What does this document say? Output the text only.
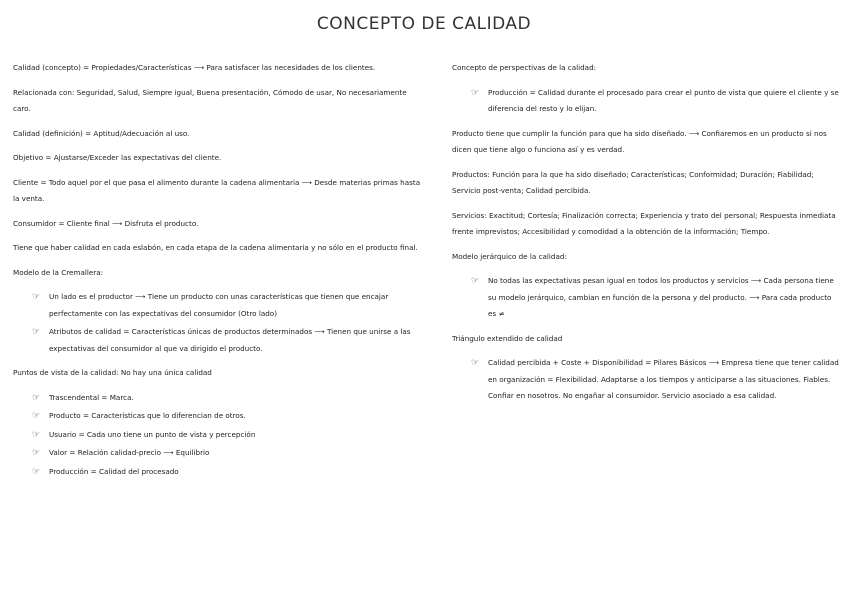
CONCEPTO DE CALIDAD

Calidad (concepto) = Propiedades/Características ⟶ Para satisfacer las necesidades de los clientes.

Relacionada con: Seguridad, Salud, Siempre igual, Buena presentación, Cómodo de usar, No necesariamente caro.

Calidad (definición) = Aptitud/Adecuación al uso.

Objetivo = Ajustarse/Exceder las expectativas del cliente.

Cliente = Todo aquel por el que pasa el alimento durante la cadena alimentaria ⟶ Desde materias primas hasta la venta.

Consumidor = Cliente final ⟶ Disfruta el producto.

Tiene que haber calidad en cada eslabón, en cada etapa de la cadena alimentaria y no sólo en el producto final.

Modelo de la Cremallera:

☞ Un lado es el productor ⟶ Tiene un producto con unas características que tienen que encajar perfectamente con las expectativas del consumidor (Otro lado)
☞ Atributos de calidad = Características únicas de productos determinados ⟶ Tienen que unirse a las expectativas del consumidor al que va dirigido el producto.

Puntos de vista de la calidad: No hay una única calidad

☞ Trascendental = Marca.
☞ Producto = Características que lo diferencian de otros.
☞ Usuario = Cada uno tiene un punto de vista y percepción
☞ Valor = Relación calidad-precio ⟶ Equilibrio
☞ Producción = Calidad del procesado

Concepto de perspectivas de la calidad:

☞ Producción = Calidad durante el procesado para crear el punto de vista que quiere el cliente y se diferencia del resto y lo elijan.

Producto tiene que cumplir la función para que ha sido diseñado. ⟶ Confiaremos en un producto si nos dicen que tiene algo o funciona así y es verdad.

Productos: Función para la que ha sido diseñado; Características; Conformidad; Duración; Fiabilidad; Servicio post-venta; Calidad percibida.

Servicios: Exactitud; Cortesía; Finalización correcta; Experiencia y trato del personal; Respuesta inmediata frente imprevistos; Accesibilidad y comodidad a la obtención de la información; Tiempo.

Modelo jerárquico de la calidad:

☞ No todas las expectativas pesan igual en todos los productos y servicios ⟶ Cada persona tiene su modelo jerárquico, cambian en función de la persona y del producto. ⟶ Para cada producto es ≠

Triángulo extendido de calidad

☞ Calidad percibida + Coste + Disponibilidad = Pilares Básicos ⟶ Empresa tiene que tener calidad en organización = Flexibilidad. Adaptarse a los tiempos y anticiparse a las situaciones. Fiables. Confiar en nosotros. No engañar al consumidor. Servicio asociado a esa calidad.
